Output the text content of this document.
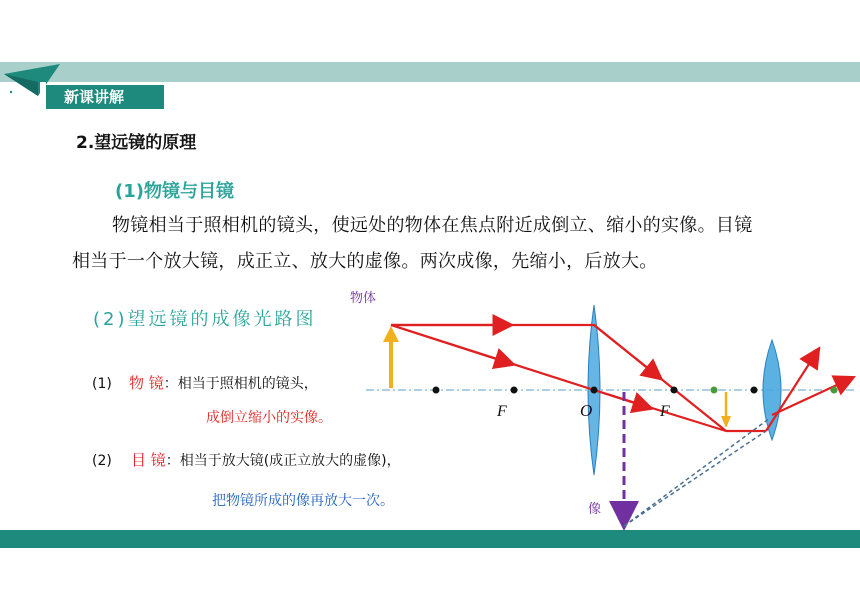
新课讲解
2.望远镜的原理
(1)物镜与目镜
物镜相当于照相机的镜头，使远处的物体在焦点附近成倒立、缩小的实像。目镜
相当于一个放大镜，成正立、放大的虚像。两次成像，先缩小，后放大。
(2)望远镜的成像光路图
(1) 物 镜：相当于照相机的镜头，
成倒立缩小的实像。
(2) 目 镜：相当于放大镜(成正立放大的虚像)，
把物镜所成的像再放大一次。
物体
像
F	O	F
